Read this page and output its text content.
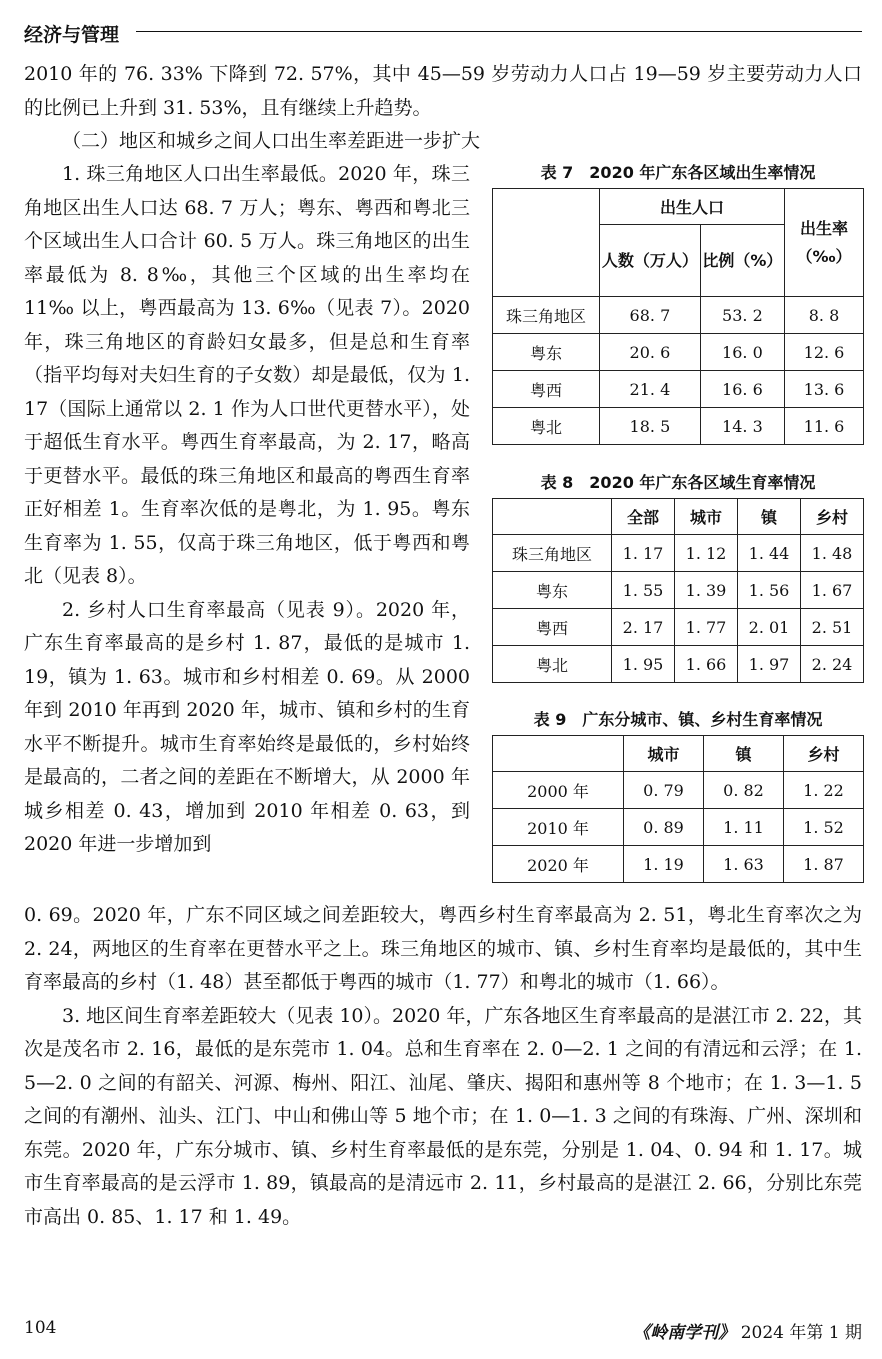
经济与管理

2010 年的 76. 33% 下降到 72. 57%，其中 45—59 岁劳动力人口占 19—59 岁主要劳动力人口的比例已上升到 31. 53%，且有继续上升趋势。

（二）地区和城乡之间人口出生率差距进一步扩大

1. 珠三角地区人口出生率最低。2020 年，珠三角地区出生人口达 68. 7 万人；粤东、粤西和粤北三个区域出生人口合计 60. 5 万人。珠三角地区的出生率最低为 8. 8‰，其他三个区域的出生率均在 11‰ 以上，粤西最高为 13. 6‰（见表 7）。2020 年，珠三角地区的育龄妇女最多，但是总和生育率（指平均每对夫妇生育的子女数）却是最低，仅为 1. 17（国际上通常以 2. 1 作为人口世代更替水平），处于超低生育水平。粤西生育率最高，为 2. 17，略高于更替水平。最低的珠三角地区和最高的粤西生育率正好相差 1。生育率次低的是粤北，为 1. 95。粤东生育率为 1. 55，仅高于珠三角地区，低于粤西和粤北（见表 8）。

2. 乡村人口生育率最高（见表 9）。2020 年，广东生育率最高的是乡村 1. 87，最低的是城市 1. 19，镇为 1. 63。城市和乡村相差 0. 69。从 2000 年到 2010 年再到 2020 年，城市、镇和乡村的生育水平不断提升。城市生育率始终是最低的，乡村始终是最高的，二者之间的差距在不断增大，从 2000 年城乡相差 0. 43，增加到 2010 年相差 0. 63，到 2020 年进一步增加到

0. 69。2020 年，广东不同区域之间差距较大，粤西乡村生育率最高为 2. 51，粤北生育率次之为 2. 24，两地区的生育率在更替水平之上。珠三角地区的城市、镇、乡村生育率均是最低的，其中生育率最高的乡村（1. 48）甚至都低于粤西的城市（1. 77）和粤北的城市（1. 66）。

3. 地区间生育率差距较大（见表 10）。2020 年，广东各地区生育率最高的是湛江市 2. 22，其次是茂名市 2. 16，最低的是东莞市 1. 04。总和生育率在 2. 0—2. 1 之间的有清远和云浮；在 1. 5—2. 0 之间的有韶关、河源、梅州、阳江、汕尾、肇庆、揭阳和惠州等 8 个地市；在 1. 3—1. 5 之间的有潮州、汕头、江门、中山和佛山等 5 地个市；在 1. 0—1. 3 之间的有珠海、广州、深圳和东莞。2020 年，广东分城市、镇、乡村生育率最低的是东莞，分别是 1. 04、0. 94 和 1. 17。城市生育率最高的是云浮市 1. 89，镇最高的是清远市 2. 11，乡村最高的是湛江 2. 66，分别比东莞市高出 0. 85、1. 17 和 1. 49。

表 7　2020 年广东各区域出生率情况
	出生人口		出生率（‰）
	人数（万人）	比例（%）	
珠三角地区	68. 7	53. 2	8. 8
粤东	20. 6	16. 0	12. 6
粤西	21. 4	16. 6	13. 6
粤北	18. 5	14. 3	11. 6
表 8　2020 年广东各区域生育率情况
	全部	城市	镇	乡村
珠三角地区	1. 17	1. 12	1. 44	1. 48
粤东	1. 55	1. 39	1. 56	1. 67
粤西	2. 17	1. 77	2. 01	2. 51
粤北	1. 95	1. 66	1. 97	2. 24
表 9　广东分城市、镇、乡村生育率情况
	城市	镇	乡村
2000 年	0. 79	0. 82	1. 22
2010 年	0. 89	1. 11	1. 52
2020 年	1. 19	1. 63	1. 87
104	《岭南学刊》 2024 年第 1 期
